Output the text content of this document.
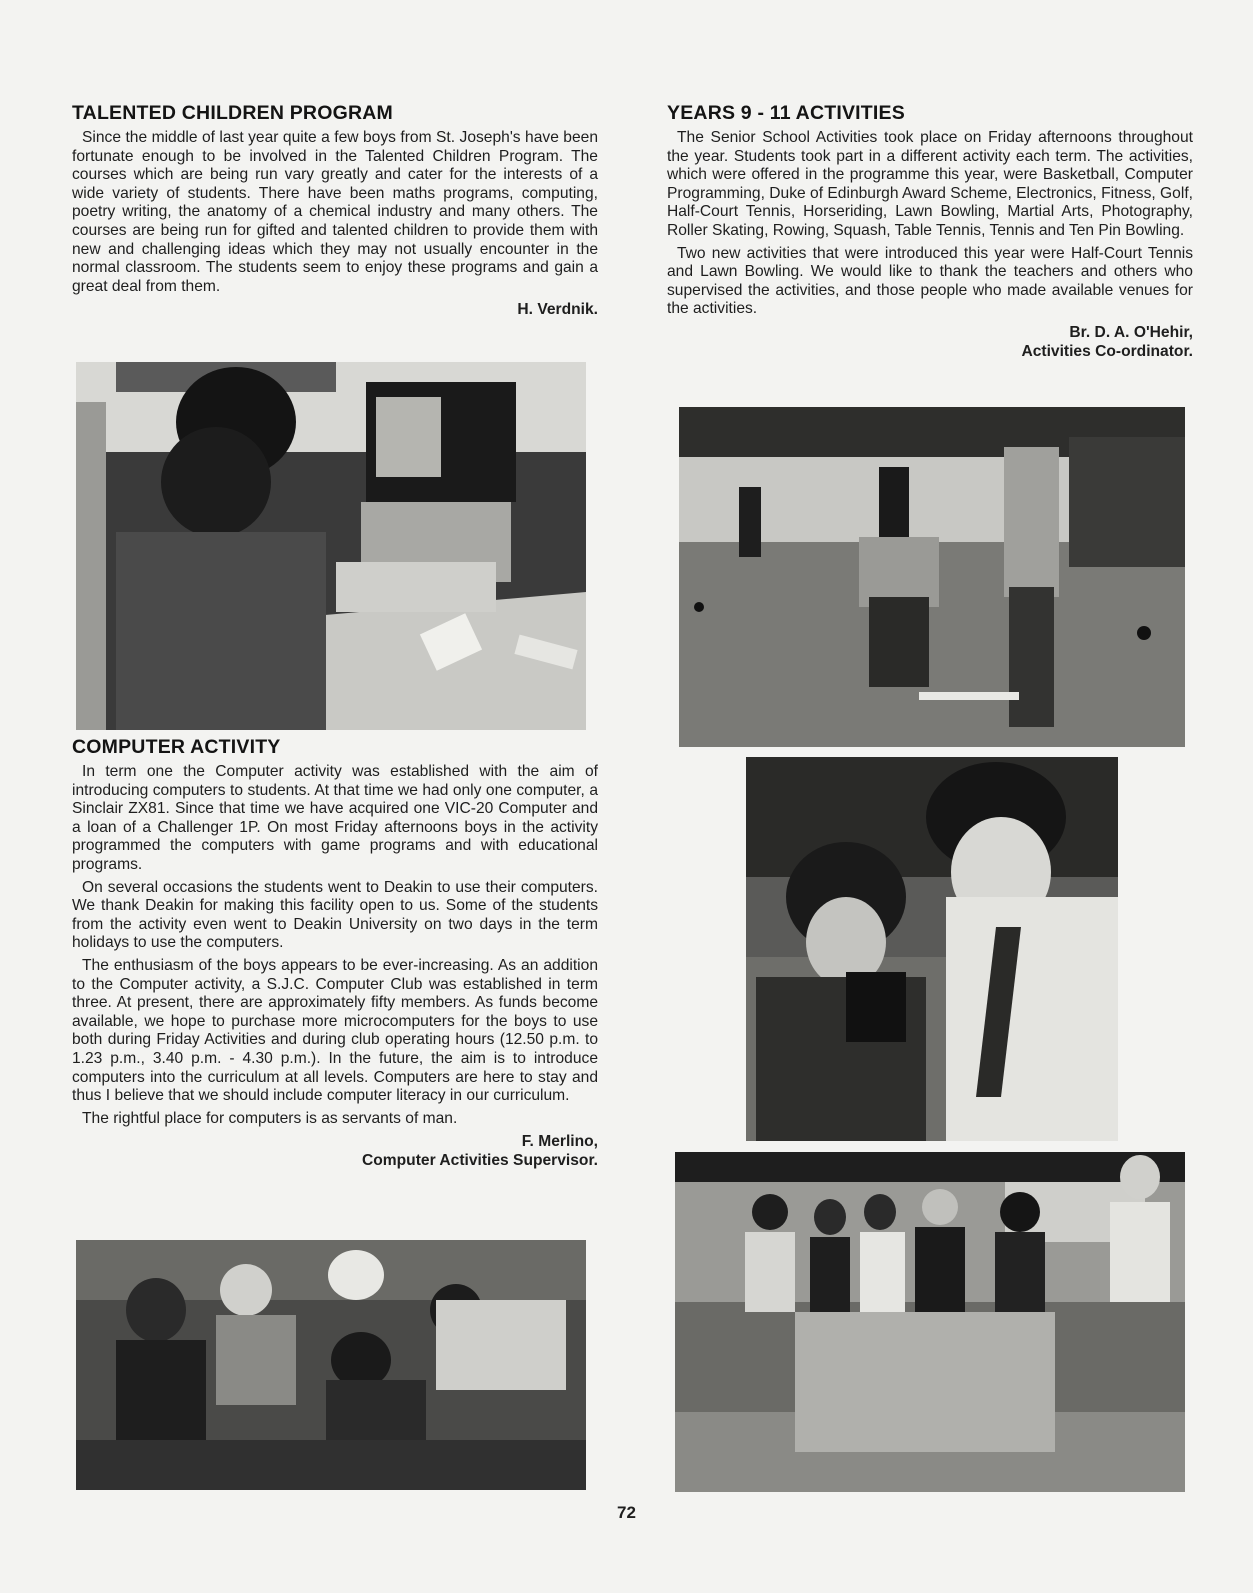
TALENTED CHILDREN PROGRAM

Since the middle of last year quite a few boys from St. Joseph's have been fortunate enough to be involved in the Talented Children Program. The courses which are being run vary greatly and cater for the interests of a wide variety of students. There have been maths programs, computing, poetry writing, the anatomy of a chemical industry and many others. The courses are being run for gifted and talented children to provide them with new and challenging ideas which they may not usually encounter in the normal classroom. The students seem to enjoy these programs and gain a great deal from them.

H. Verdnik.
COMPUTER ACTIVITY

In term one the Computer activity was established with the aim of introducing computers to students. At that time we had only one computer, a Sinclair ZX81. Since that time we have acquired one VIC-20 Computer and a loan of a Challenger 1P. On most Friday afternoons boys in the activity programmed the computers with game programs and with educational programs.

On several occasions the students went to Deakin to use their computers. We thank Deakin for making this facility open to us. Some of the students from the activity even went to Deakin University on two days in the term holidays to use the computers.

The enthusiasm of the boys appears to be ever-increasing. As an addition to the Computer activity, a S.J.C. Computer Club was established in term three. At present, there are approximately fifty members. As funds become available, we hope to purchase more microcomputers for the boys to use both during Friday Activities and during club operating hours (12.50 p.m. to 1.23 p.m., 3.40 p.m. - 4.30 p.m.). In the future, the aim is to introduce computers into the curriculum at all levels. Computers are here to stay and thus I believe that we should include computer literacy in our curriculum.

The rightful place for computers is as servants of man.

F. Merlino,
Computer Activities Supervisor.
YEARS 9 - 11 ACTIVITIES

The Senior School Activities took place on Friday afternoons throughout the year. Students took part in a different activity each term. The activities, which were offered in the programme this year, were Basketball, Computer Programming, Duke of Edinburgh Award Scheme, Electronics, Fitness, Golf, Half-Court Tennis, Horseriding, Lawn Bowling, Martial Arts, Photography, Roller Skating, Rowing, Squash, Table Tennis, Tennis and Ten Pin Bowling.

Two new activities that were introduced this year were Half-Court Tennis and Lawn Bowling. We would like to thank the teachers and others who supervised the activities, and those people who made available venues for the activities.

Br. D. A. O'Hehir,
Activities Co-ordinator.
72
